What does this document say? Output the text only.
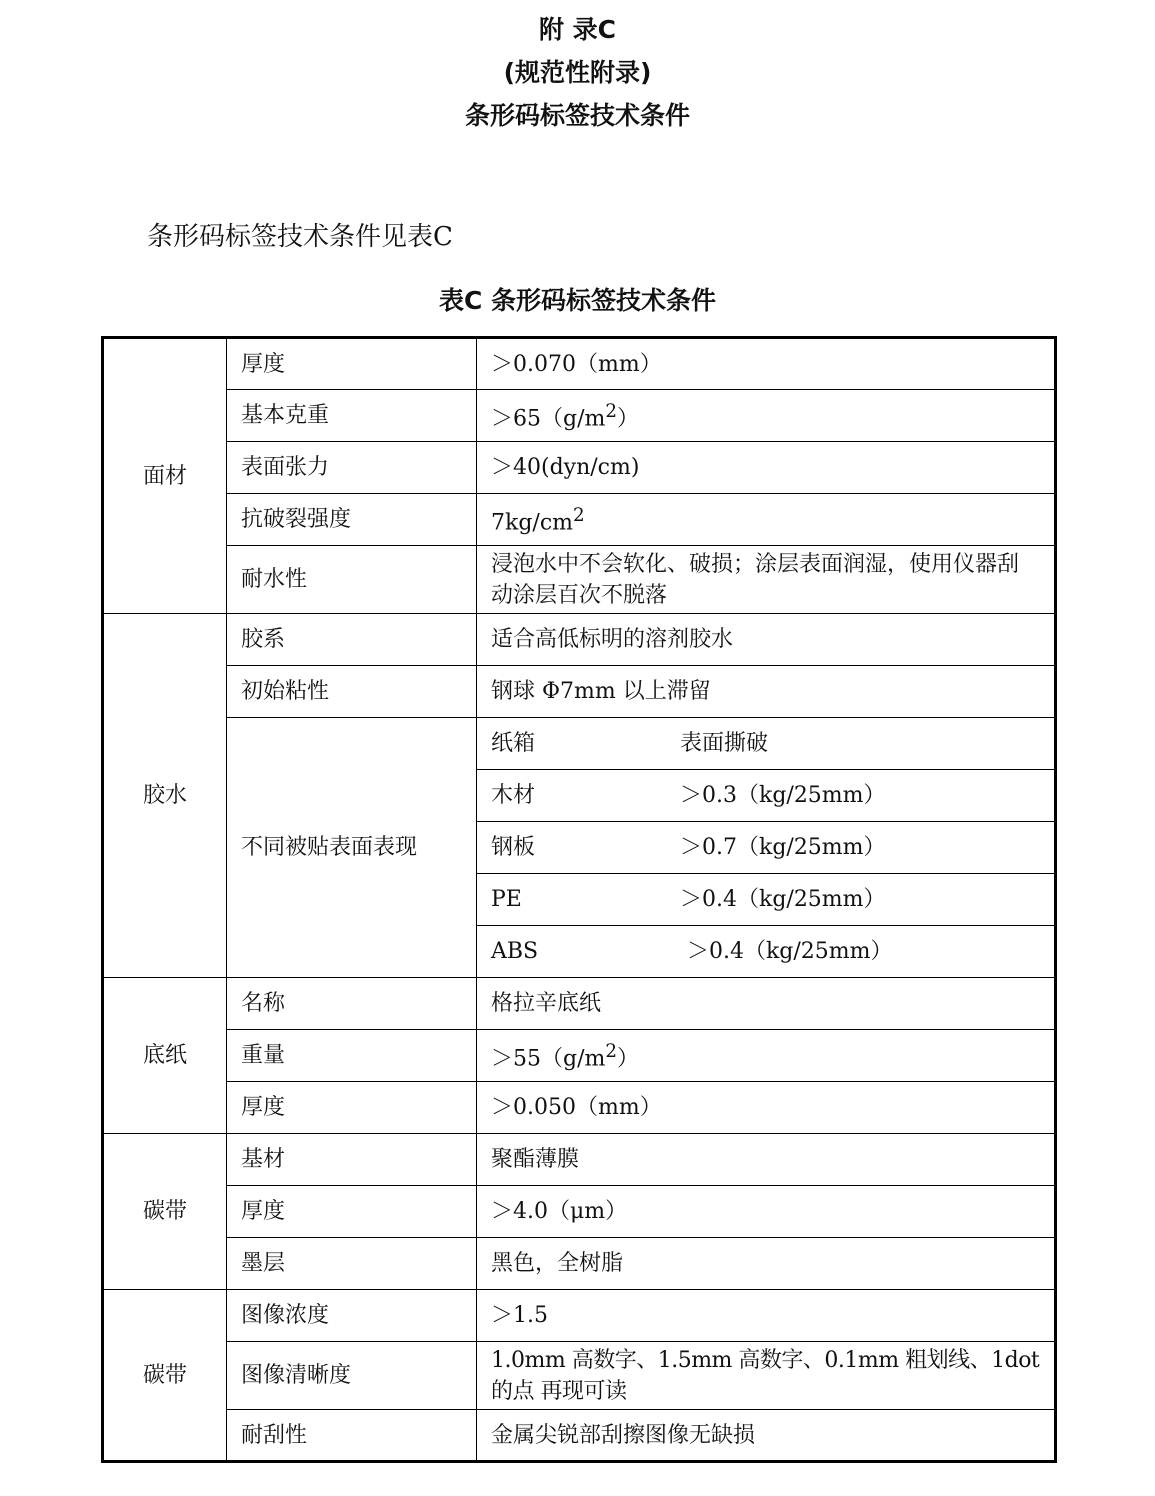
附 录C
(规范性附录)
条形码标签技术条件
条形码标签技术条件见表C
表C 条形码标签技术条件
面材	厚度	＞0.070（mm）
	基本克重	$>65(g/m^2)$
	表面张力	＞40(dyn/cm)
	抗破裂强度	$7kg/cm^2$
	耐水性	浸泡水中不会软化、破损；涂层表面润湿，使用仪器刮动涂层百次不脱落
胶水	胶系	适合高低标明的溶剂胶水
	初始粘性	钢球 Φ7mm 以上滞留
	不同被贴表面表现	纸箱 表面撕破
		木材 ＞0.3（kg/25mm）
		钢板 ＞0.7（kg/25mm）
		PE ＞0.4（kg/25mm）
		ABS ＞0.4（kg/25mm）
底纸	名称	格拉辛底纸
	重量	$>55(g/m^2)$
	厚度	＞0.050（mm）
碳带	基材	聚酯薄膜
	厚度	＞4.0（μm）
	墨层	黑色，全树脂
碳带	图像浓度	＞1.5
	图像清晰度	1.0mm 高数字、1.5mm 高数字、0.1mm 粗划线、1dot 的点 再现可读
	耐刮性	金属尖锐部刮擦图像无缺损
